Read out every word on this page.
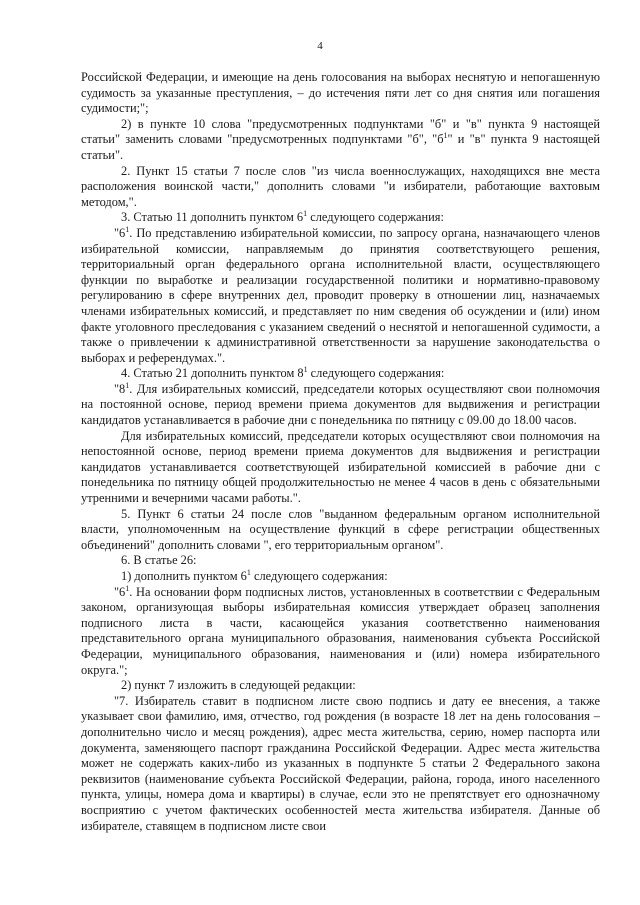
4

Российской Федерации, и имеющие на день голосования на выборах неснятую и непогашенную судимость за указанные преступления, – до истечения пяти лет со дня снятия или погашения судимости;";

2) в пункте 10 слова "предусмотренных подпунктами "б" и "в" пункта 9 настоящей статьи" заменить словами "предусмотренных подпунктами "б", "$б^1$" и "в" пункта 9 настоящей статьи".

2. Пункт 15 статьи 7 после слов "из числа военнослужащих, находящихся вне места расположения воинской части," дополнить словами "и избиратели, работающие вахтовым методом,".

3. Статью 11 дополнить пунктом $6^1$ следующего содержания:

"$6^1$. По представлению избирательной комиссии, по запросу органа, назначающего членов избирательной комиссии, направляемым до принятия соответствующего решения, территориальный орган федерального органа исполнительной власти, осуществляющего функции по выработке и реализации государственной политики и нормативно-правовому регулированию в сфере внутренних дел, проводит проверку в отношении лиц, назначаемых членами избирательных комиссий, и представляет по ним сведения об осуждении и (или) ином факте уголовного преследования с указанием сведений о неснятой и непогашенной судимости, а также о привлечении к административной ответственности за нарушение законодательства о выборах и референдумах.".

4. Статью 21 дополнить пунктом $8^1$ следующего содержания:

"$8^1$. Для избирательных комиссий, председатели которых осуществляют свои полномочия на постоянной основе, период времени приема документов для выдвижения и регистрации кандидатов устанавливается в рабочие дни с понедельника по пятницу с 09.00 до 18.00 часов.

Для избирательных комиссий, председатели которых осуществляют свои полномочия на непостоянной основе, период времени приема документов для выдвижения и регистрации кандидатов устанавливается соответствующей избирательной комиссией в рабочие дни с понедельника по пятницу общей продолжительностью не менее 4 часов в день с обязательными утренними и вечерними часами работы.".

5. Пункт 6 статьи 24 после слов "выданном федеральным органом исполнительной власти, уполномоченным на осуществление функций в сфере регистрации общественных объединений" дополнить словами ", его территориальным органом".

6. В статье 26:

1) дополнить пунктом $6^1$ следующего содержания:

"$6^1$. На основании форм подписных листов, установленных в соответствии с Федеральным законом, организующая выборы избирательная комиссия утверждает образец заполнения подписного листа в части, касающейся указания соответственно наименования представительного органа муниципального образования, наименования субъекта Российской Федерации, муниципального образования, наименования и (или) номера избирательного округа.";

2) пункт 7 изложить в следующей редакции:

"7. Избиратель ставит в подписном листе свою подпись и дату ее внесения, а также указывает свои фамилию, имя, отчество, год рождения (в возрасте 18 лет на день голосования – дополнительно число и месяц рождения), адрес места жительства, серию, номер паспорта или документа, заменяющего паспорт гражданина Российской Федерации. Адрес места жительства может не содержать каких-либо из указанных в подпункте 5 статьи 2 Федерального закона реквизитов (наименование субъекта Российской Федерации, района, города, иного населенного пункта, улицы, номера дома и квартиры) в случае, если это не препятствует его однозначному восприятию с учетом фактических особенностей места жительства избирателя. Данные об избирателе, ставящем в подписном листе свои
